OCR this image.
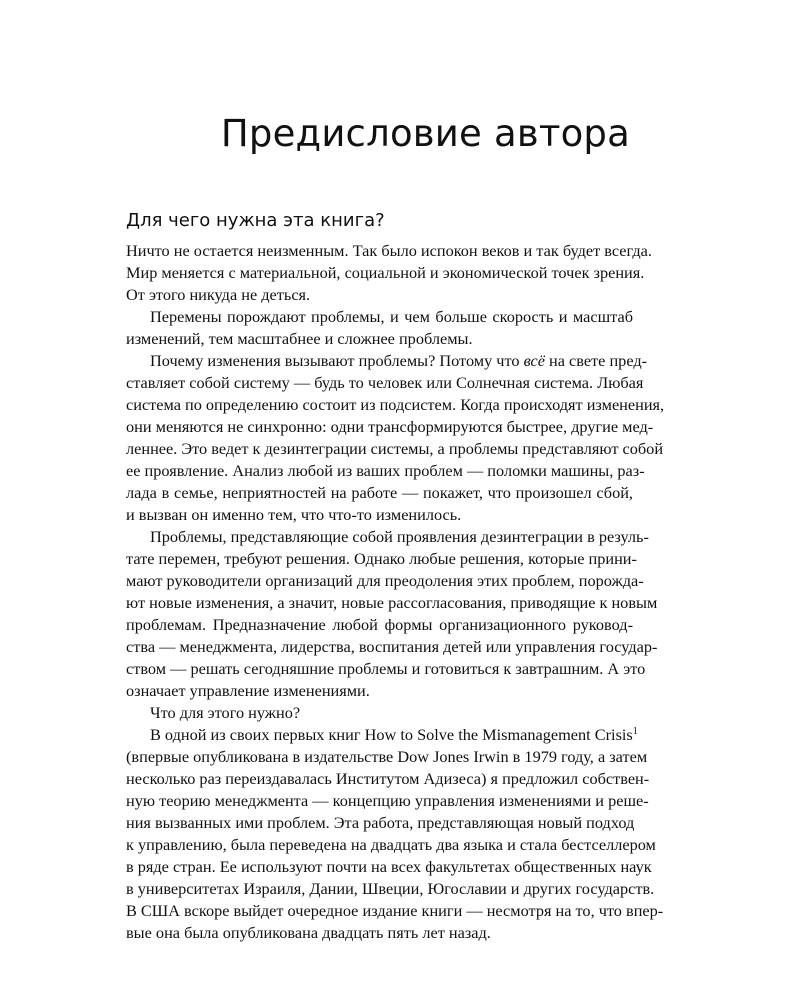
Предисловие автора
Для чего нужна эта книга?
Ничто не остается неизменным. Так было испокон веков и так будет всегда.
Мир меняется с материальной, социальной и экономической точек зрения.
От этого никуда не деться.
Перемены порождают проблемы, и чем больше скорость и масштаб
изменений, тем масштабнее и сложнее проблемы.
Почему изменения вызывают проблемы? Потому что всё на свете пред-
ставляет собой систему — будь то человек или Солнечная система. Любая
система по определению состоит из подсистем. Когда происходят изменения,
они меняются не синхронно: одни трансформируются быстрее, другие мед-
леннее. Это ведет к дезинтеграции системы, а проблемы представляют собой
ее проявление. Анализ любой из ваших проблем — поломки машины, раз-
лада в семье, неприятностей на работе — покажет, что произошел сбой,
и вызван он именно тем, что что-то изменилось.
Проблемы, представляющие собой проявления дезинтеграции в резуль-
тате перемен, требуют решения. Однако любые решения, которые прини-
мают руководители организаций для преодоления этих проблем, порожда-
ют новые изменения, а значит, новые рассогласования, приводящие к новым
проблемам. Предназначение любой формы организационного руковод-
ства — менеджмента, лидерства, воспитания детей или управления государ-
ством — решать сегодняшние проблемы и готовиться к завтрашним. А это
означает управление изменениями.
Что для этого нужно?
В одной из своих первых книг How to Solve the Mismanagement Crisis$^1$
(впервые опубликована в издательстве Dow Jones Irwin в 1979 году, а затем
несколько раз переиздавалась Институтом Адизеса) я предложил собствен-
ную теорию менеджмента — концепцию управления изменениями и реше-
ния вызванных ими проблем. Эта работа, представляющая новый подход
к управлению, была переведена на двадцать два языка и стала бестселлером
в ряде стран. Ее используют почти на всех факультетах общественных наук
в университетах Израиля, Дании, Швеции, Югославии и других государств.
В США вскоре выйдет очередное издание книги — несмотря на то, что впер-
вые она была опубликована двадцать пять лет назад.
